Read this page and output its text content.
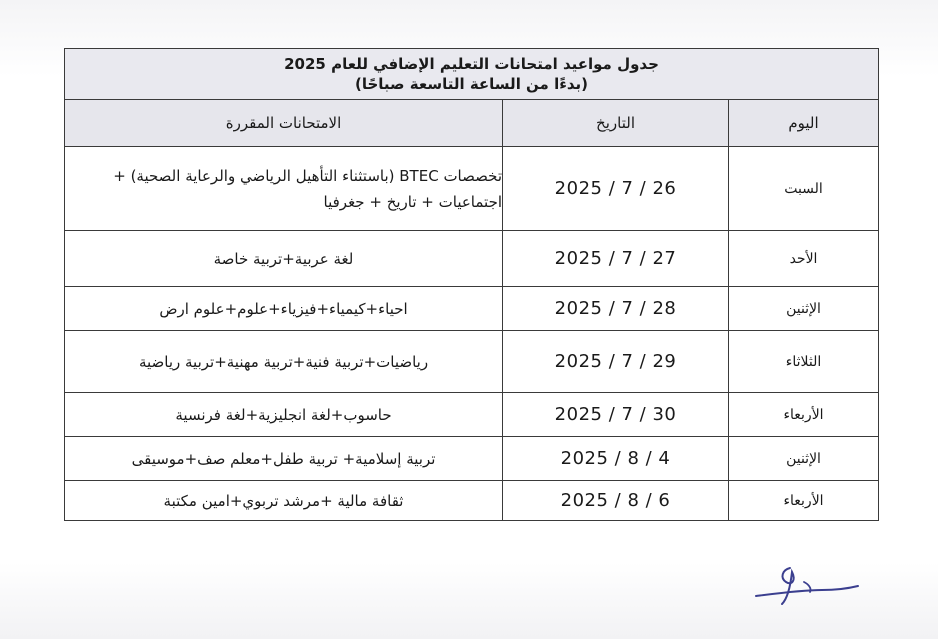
جدول مواعيد امتحانات التعليم الإضافي للعام 2025
(بدءًا من الساعة التاسعة صباحًا)		

اليوم	التاريخ	الامتحانات المقررة
السبت	2025 / 7 / 26	تخصصات BTEC (باستثناء التأهيل الرياضي والرعاية الصحية) + اجتماعيات + تاريخ + جغرفيا
الأحد	2025 / 7 / 27	لغة عربية+تربية خاصة
الإثنين	2025 / 7 / 28	احياء+كيمياء+فيزياء+علوم+علوم ارض
الثلاثاء	2025 / 7 / 29	رياضيات+تربية فنية+تربية مهنية+تربية رياضية
الأربعاء	2025 / 7 / 30	حاسوب+لغة انجليزية+لغة فرنسية
الإثنين	2025 / 8 / 4	تربية إسلامية+ تربية طفل+معلم صف+موسيقى
الأربعاء	2025 / 8 / 6	ثقافة مالية +مرشد تربوي+امين مكتبة
